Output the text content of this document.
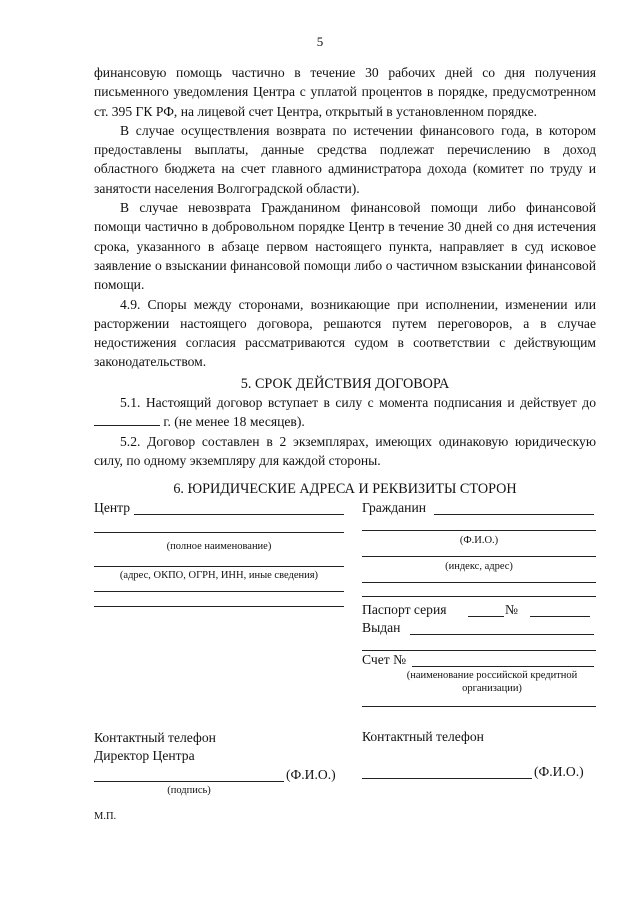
5

финансовую помощь частично в течение 30 рабочих дней со дня получения письменного уведомления Центра с уплатой процентов в порядке, предусмотренном ст. 395 ГК РФ, на лицевой счет Центра, открытый в установленном порядке.

В случае осуществления возврата по истечении финансового года, в котором предоставлены выплаты, данные средства подлежат перечислению в доход областного бюджета на счет главного администратора дохода (комитет по труду и занятости населения Волгоградской области).

В случае невозврата Гражданином финансовой помощи либо финансовой помощи частично в добровольном порядке Центр в течение 30 дней со дня истечения срока, указанного в абзаце первом настоящего пункта, направляет в суд исковое заявление о взыскании финансовой помощи либо о частичном взыскании финансовой помощи.

4.9. Споры между сторонами, возникающие при исполнении, изменении или расторжении настоящего договора, решаются путем переговоров, а в случае недостижения согласия рассматриваются судом в соответствии с действующим законодательством.

5. СРОК ДЕЙСТВИЯ ДОГОВОРА

5.1. Настоящий договор вступает в силу с момента подписания и действует до  г. (не менее 18 месяцев).

5.2. Договор составлен в 2 экземплярах, имеющих одинаковую юридическую силу, по одному экземпляру для каждой стороны.

6. ЮРИДИЧЕСКИЕ АДРЕСА И РЕКВИЗИТЫ СТОРОН
Центр
(полное наименование)
(адрес, ОКПО, ОГРН, ИНН, иные сведения)
Контактный телефон
Директор Центра
(Ф.И.О.)
(подпись)
М.П.
Гражданин
(Ф.И.О.)
(индекс, адрес)
Паспорт серия	№
Выдан
Счет №
(наименование российской кредитной организации)
Контактный телефон
(Ф.И.О.)
